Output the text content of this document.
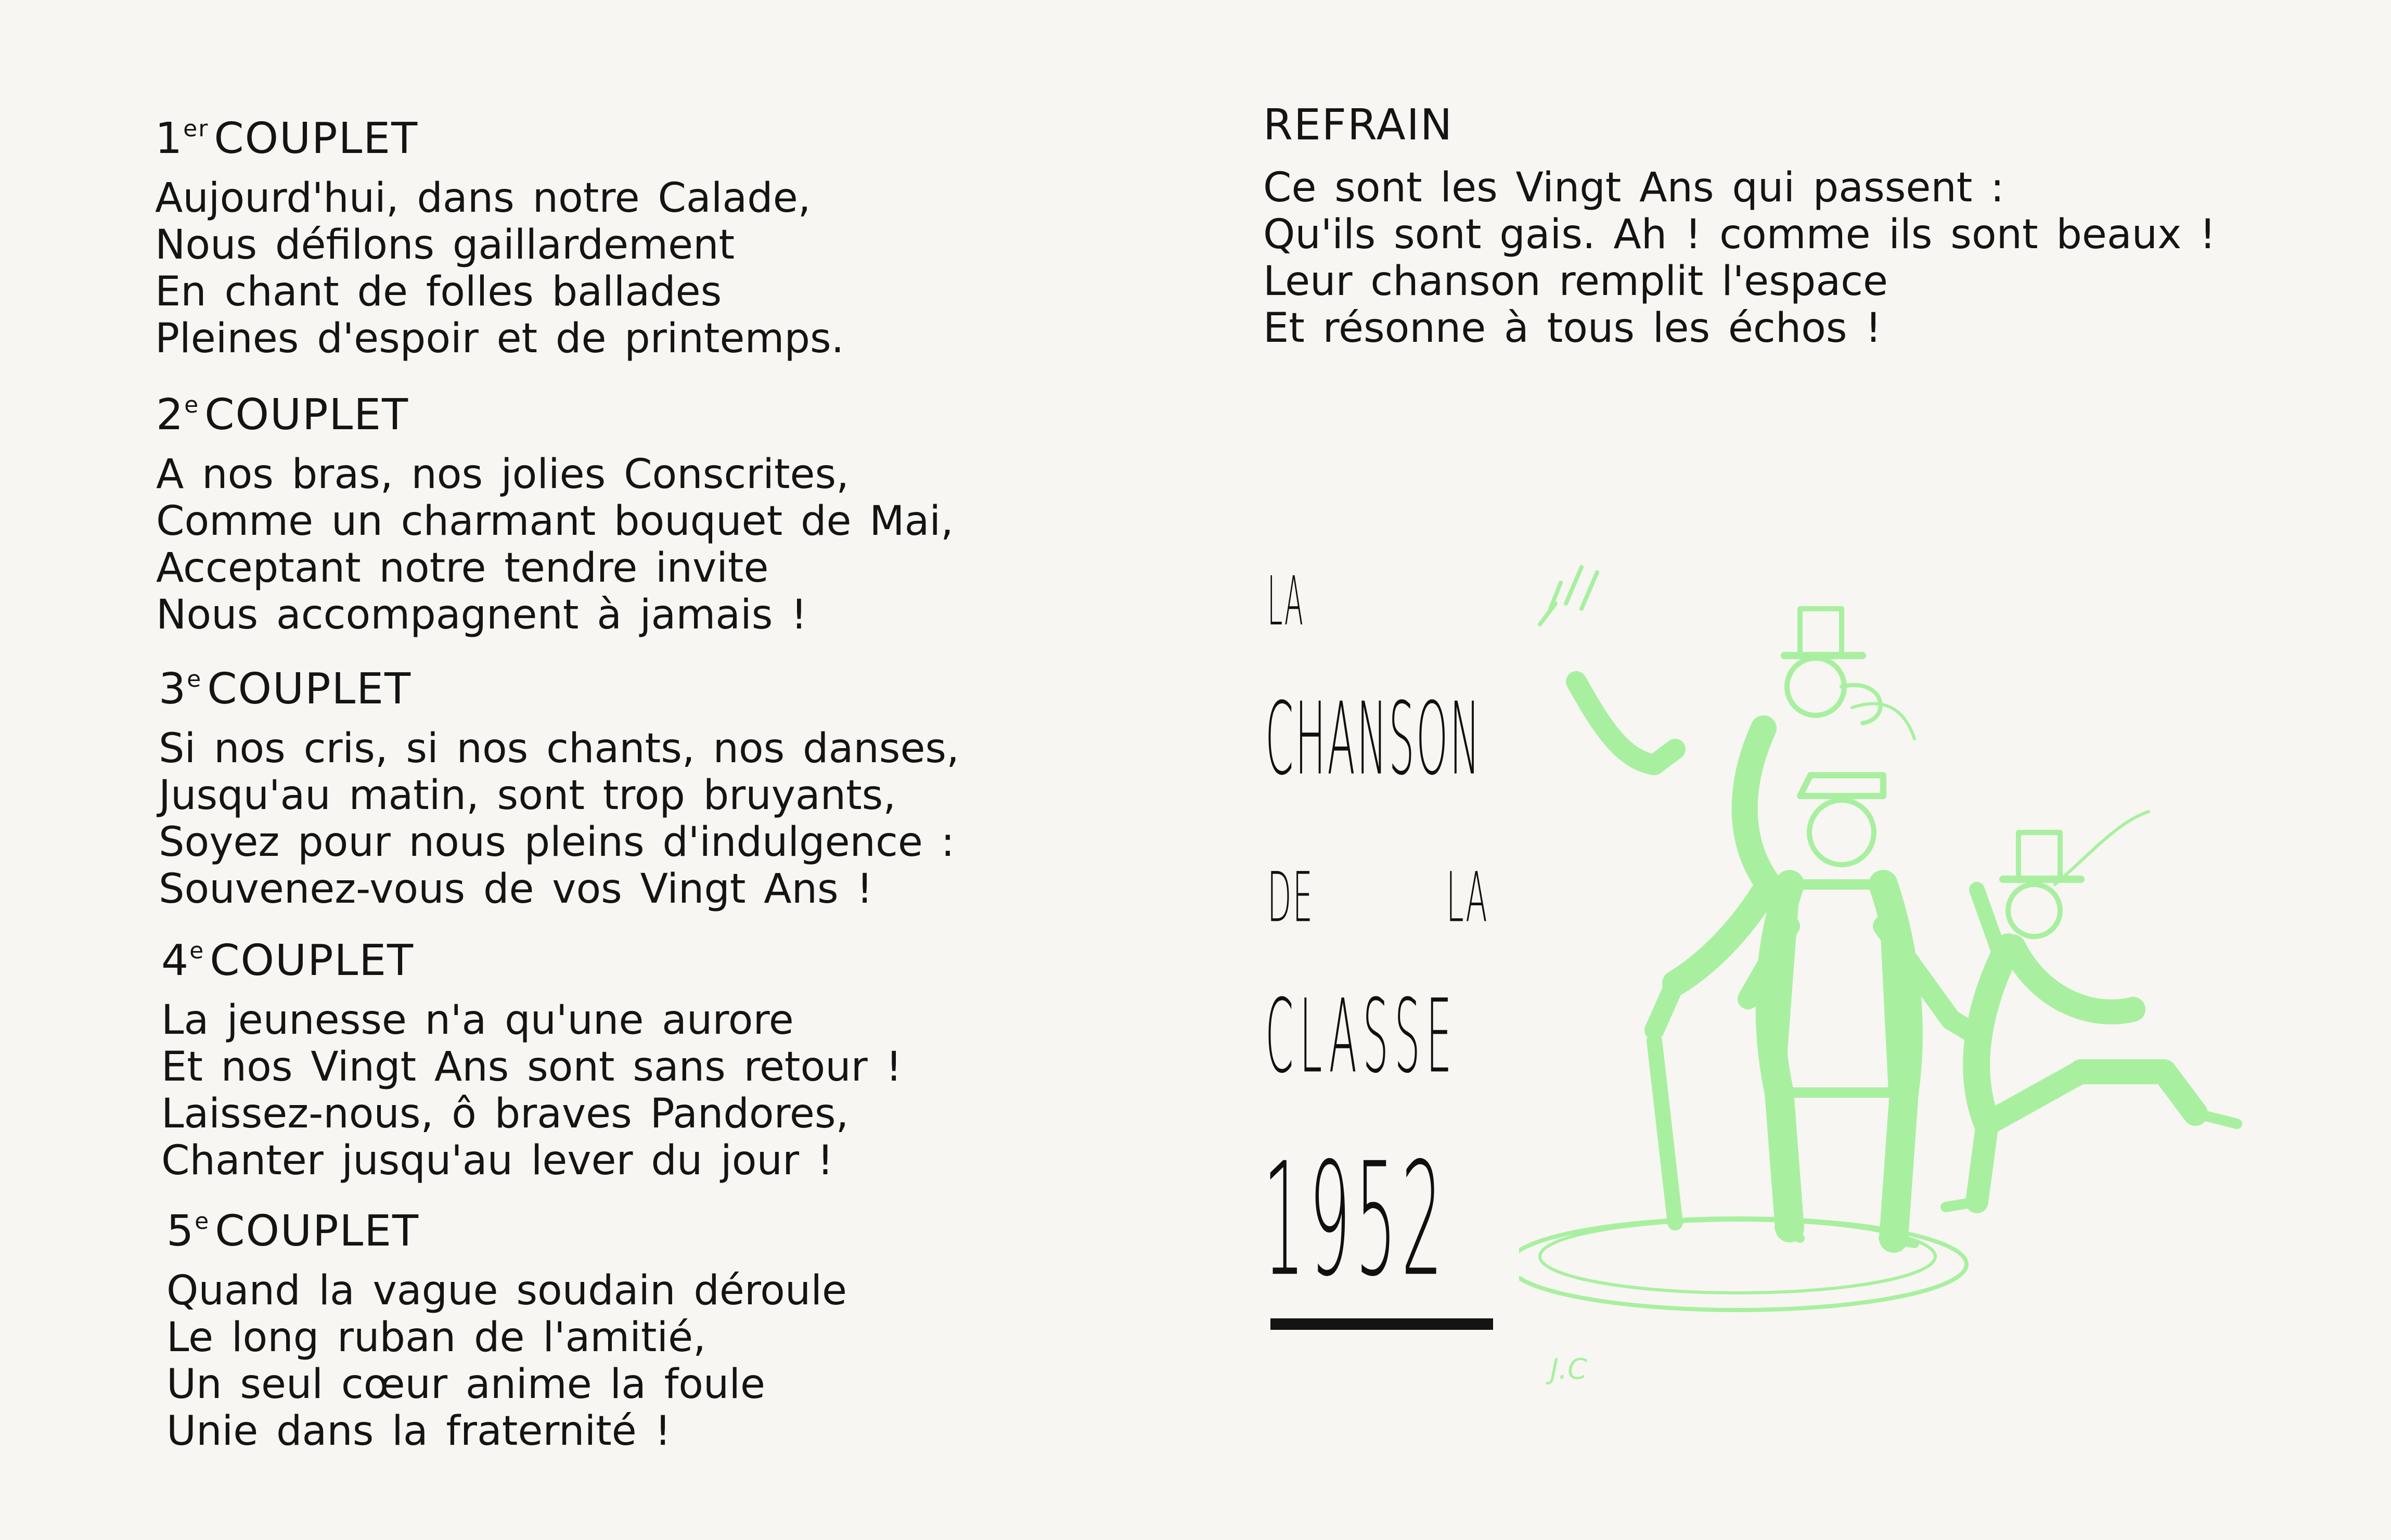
1er COUPLET

Aujourd'hui, dans notre Calade,

Nous défilons gaillardement

En chant de folles ballades

Pleines d'espoir et de printemps.

2e COUPLET

A nos bras, nos jolies Conscrites,

Comme un charmant bouquet de Mai,

Acceptant notre tendre invite

Nous accompagnent à jamais !

3e COUPLET

Si nos cris, si nos chants, nos danses,

Jusqu'au matin, sont trop bruyants,

Soyez pour nous pleins d'indulgence :

Souvenez-vous de vos Vingt Ans !

4e COUPLET

La jeunesse n'a qu'une aurore

Et nos Vingt Ans sont sans retour !

Laissez-nous, ô braves Pandores,

Chanter jusqu'au lever du jour !

5e COUPLET

Quand la vague soudain déroule

Le long ruban de l'amitié,

Un seul cœur anime la foule

Unie dans la fraternité !

REFRAIN

Ce sont les Vingt Ans qui passent :

Qu'ils sont gais. Ah ! comme ils sont beaux !

Leur chanson remplit l'espace

Et résonne à tous les échos !

LA
CHANSON
DE LA
CLASSE
1952
J.C
